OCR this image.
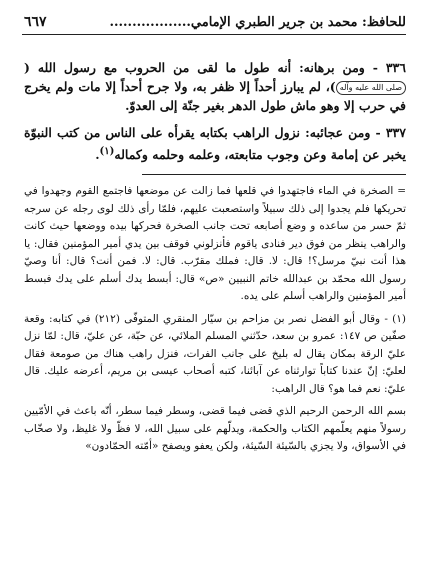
للحافظ: محمد بن جرير الطبري الإمامي..................
٦٦٧

٣٣٦ - ومن برهانه: أنه طول ما لقى من الحروب مع رسول الله (صلى الله عليه وآله)، لم يبارز أحداً إلا ظفر به، ولا جرح أحداً إلا مات ولم يخرج في حرب إلا وهو ماش طول الدهر بغير جنّة إلى العدوّ.

٣٣٧ - ومن عجائبه: نزول الراهب بكتابه يقرأه على الناس من كتب النبوّة يخبر عن إمامة وعن وجوب متابعته، وعلمه وحلمه وكماله$^{(١)}$.

= الصخرة في الماء فاجتهدوا في قلعها فما زالت عن موضعها فاجتمع القوم وجهدوا في تحريكها فلم يجدوا إلى ذلك سبيلاً واستصعبت عليهم، فلمّا رأى ذلك لوى رجله عن سرجه ثمّ حسر من ساعده و وضع أصابعه تحت جانب الصخرة فحركها بيده ووضعها حيث كانت والراهب ينظر من فوق دير فنادى ياقوم فأنزلوني فوقف بين يدي أمير المؤمنين فقال: يا هذا أنت نبيّ مرسل؟! قال: لا. قال: فملك مقرّب. قال: لا. فمن أنت؟ قال: أنا وصيّ رسول الله محمّد بن عبدالله خاتم النبيين «ص» قال: أبسط يدك أسلم على يدك فبسط أمير المؤمنين والراهب أسلم على يده.

(١) - وقال أبو الفضل نصر بن مزاحم بن سيّار المنقري المتوفّى (٢١٢) في كتابه: وقعة صفّين ص ١٤٧: عمرو بن سعد، حدّثني المسلم الملائي، عن حبّة، عن عليّ، قال: لمّا نزل عليّ الرقة بمكان يقال له بليخ على جانب الفرات، فنزل راهب هناك من صومعة فقال لعليّ: إنّ عندنا كتاباً توارثناه عن آبائنا، كتبه أصحاب عيسى بن مريم، أعرضه عليك. قال عليّ: نعم فما هو؟ قال الراهب:

بسم الله الرحمن الرحيم الذي قضى فيما قضى، وسطر فيما سطر، أنّه باعث في الأمّيين رسولاً منهم يعلّمهم الكتاب والحكمة، ويدلّهم على سبيل الله، لا فظّ ولا غليظ، ولا صخّاب في الأسواق، ولا يجزي بالسّيئة السّيئة، ولكن يعفو ويصفح «أمّته الحمّادون»
